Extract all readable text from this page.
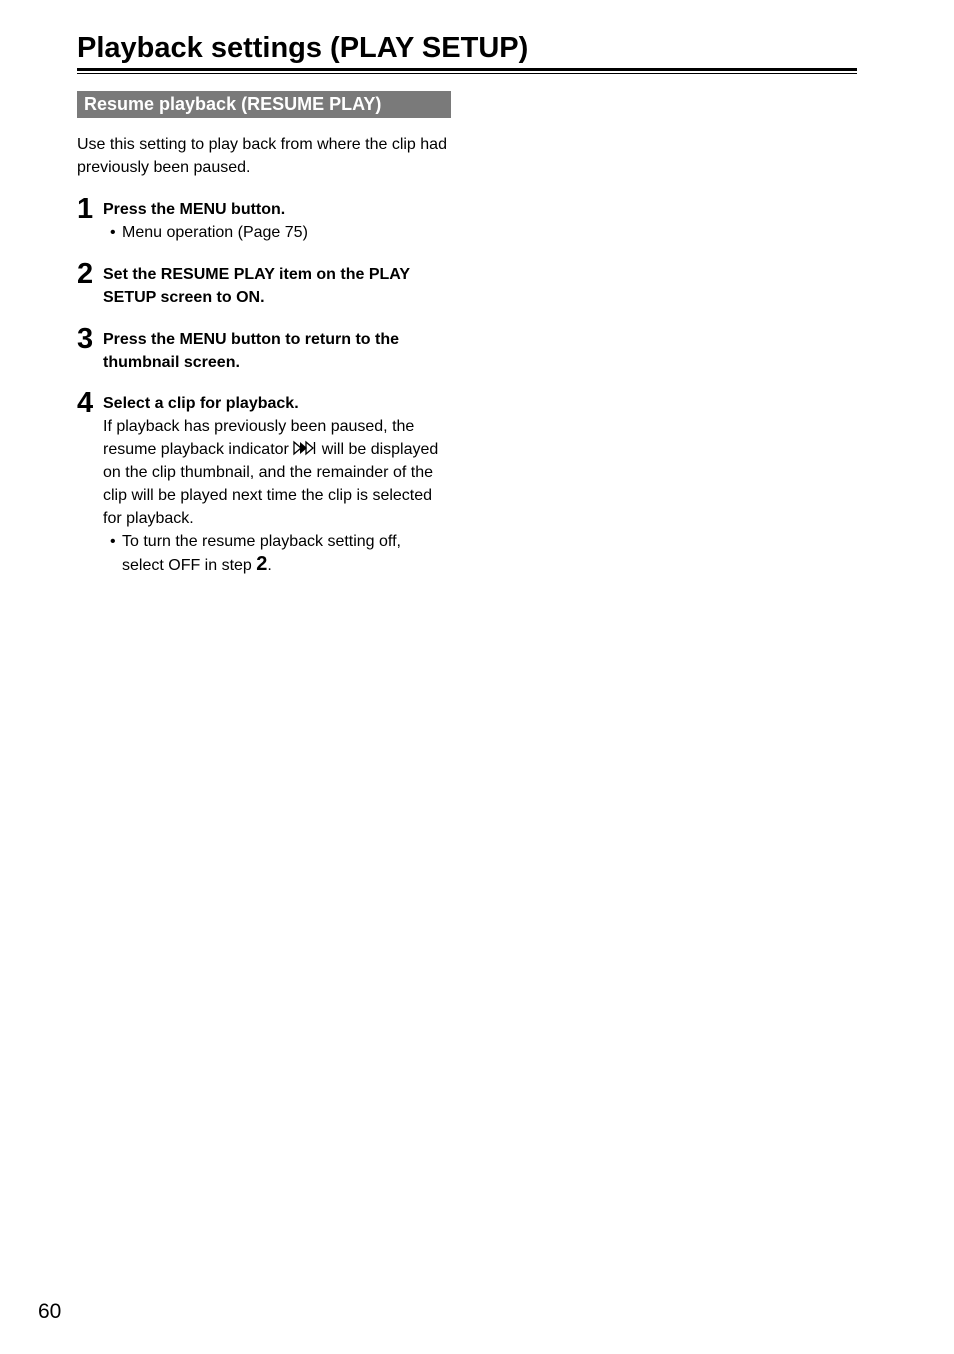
Playback settings (PLAY SETUP)
Resume playback (RESUME PLAY)
Use this setting to play back from where the clip had previously been paused.
1 Press the MENU button.
• Menu operation (Page 75)
2 Set the RESUME PLAY item on the PLAY SETUP screen to ON.
3 Press the MENU button to return to the thumbnail screen.
4 Select a clip for playback.
If playback has previously been paused, the resume playback indicator will be displayed on the clip thumbnail, and the remainder of the clip will be played next time the clip is selected for playback.
• To turn the resume playback setting off, select OFF in step 2.
60
